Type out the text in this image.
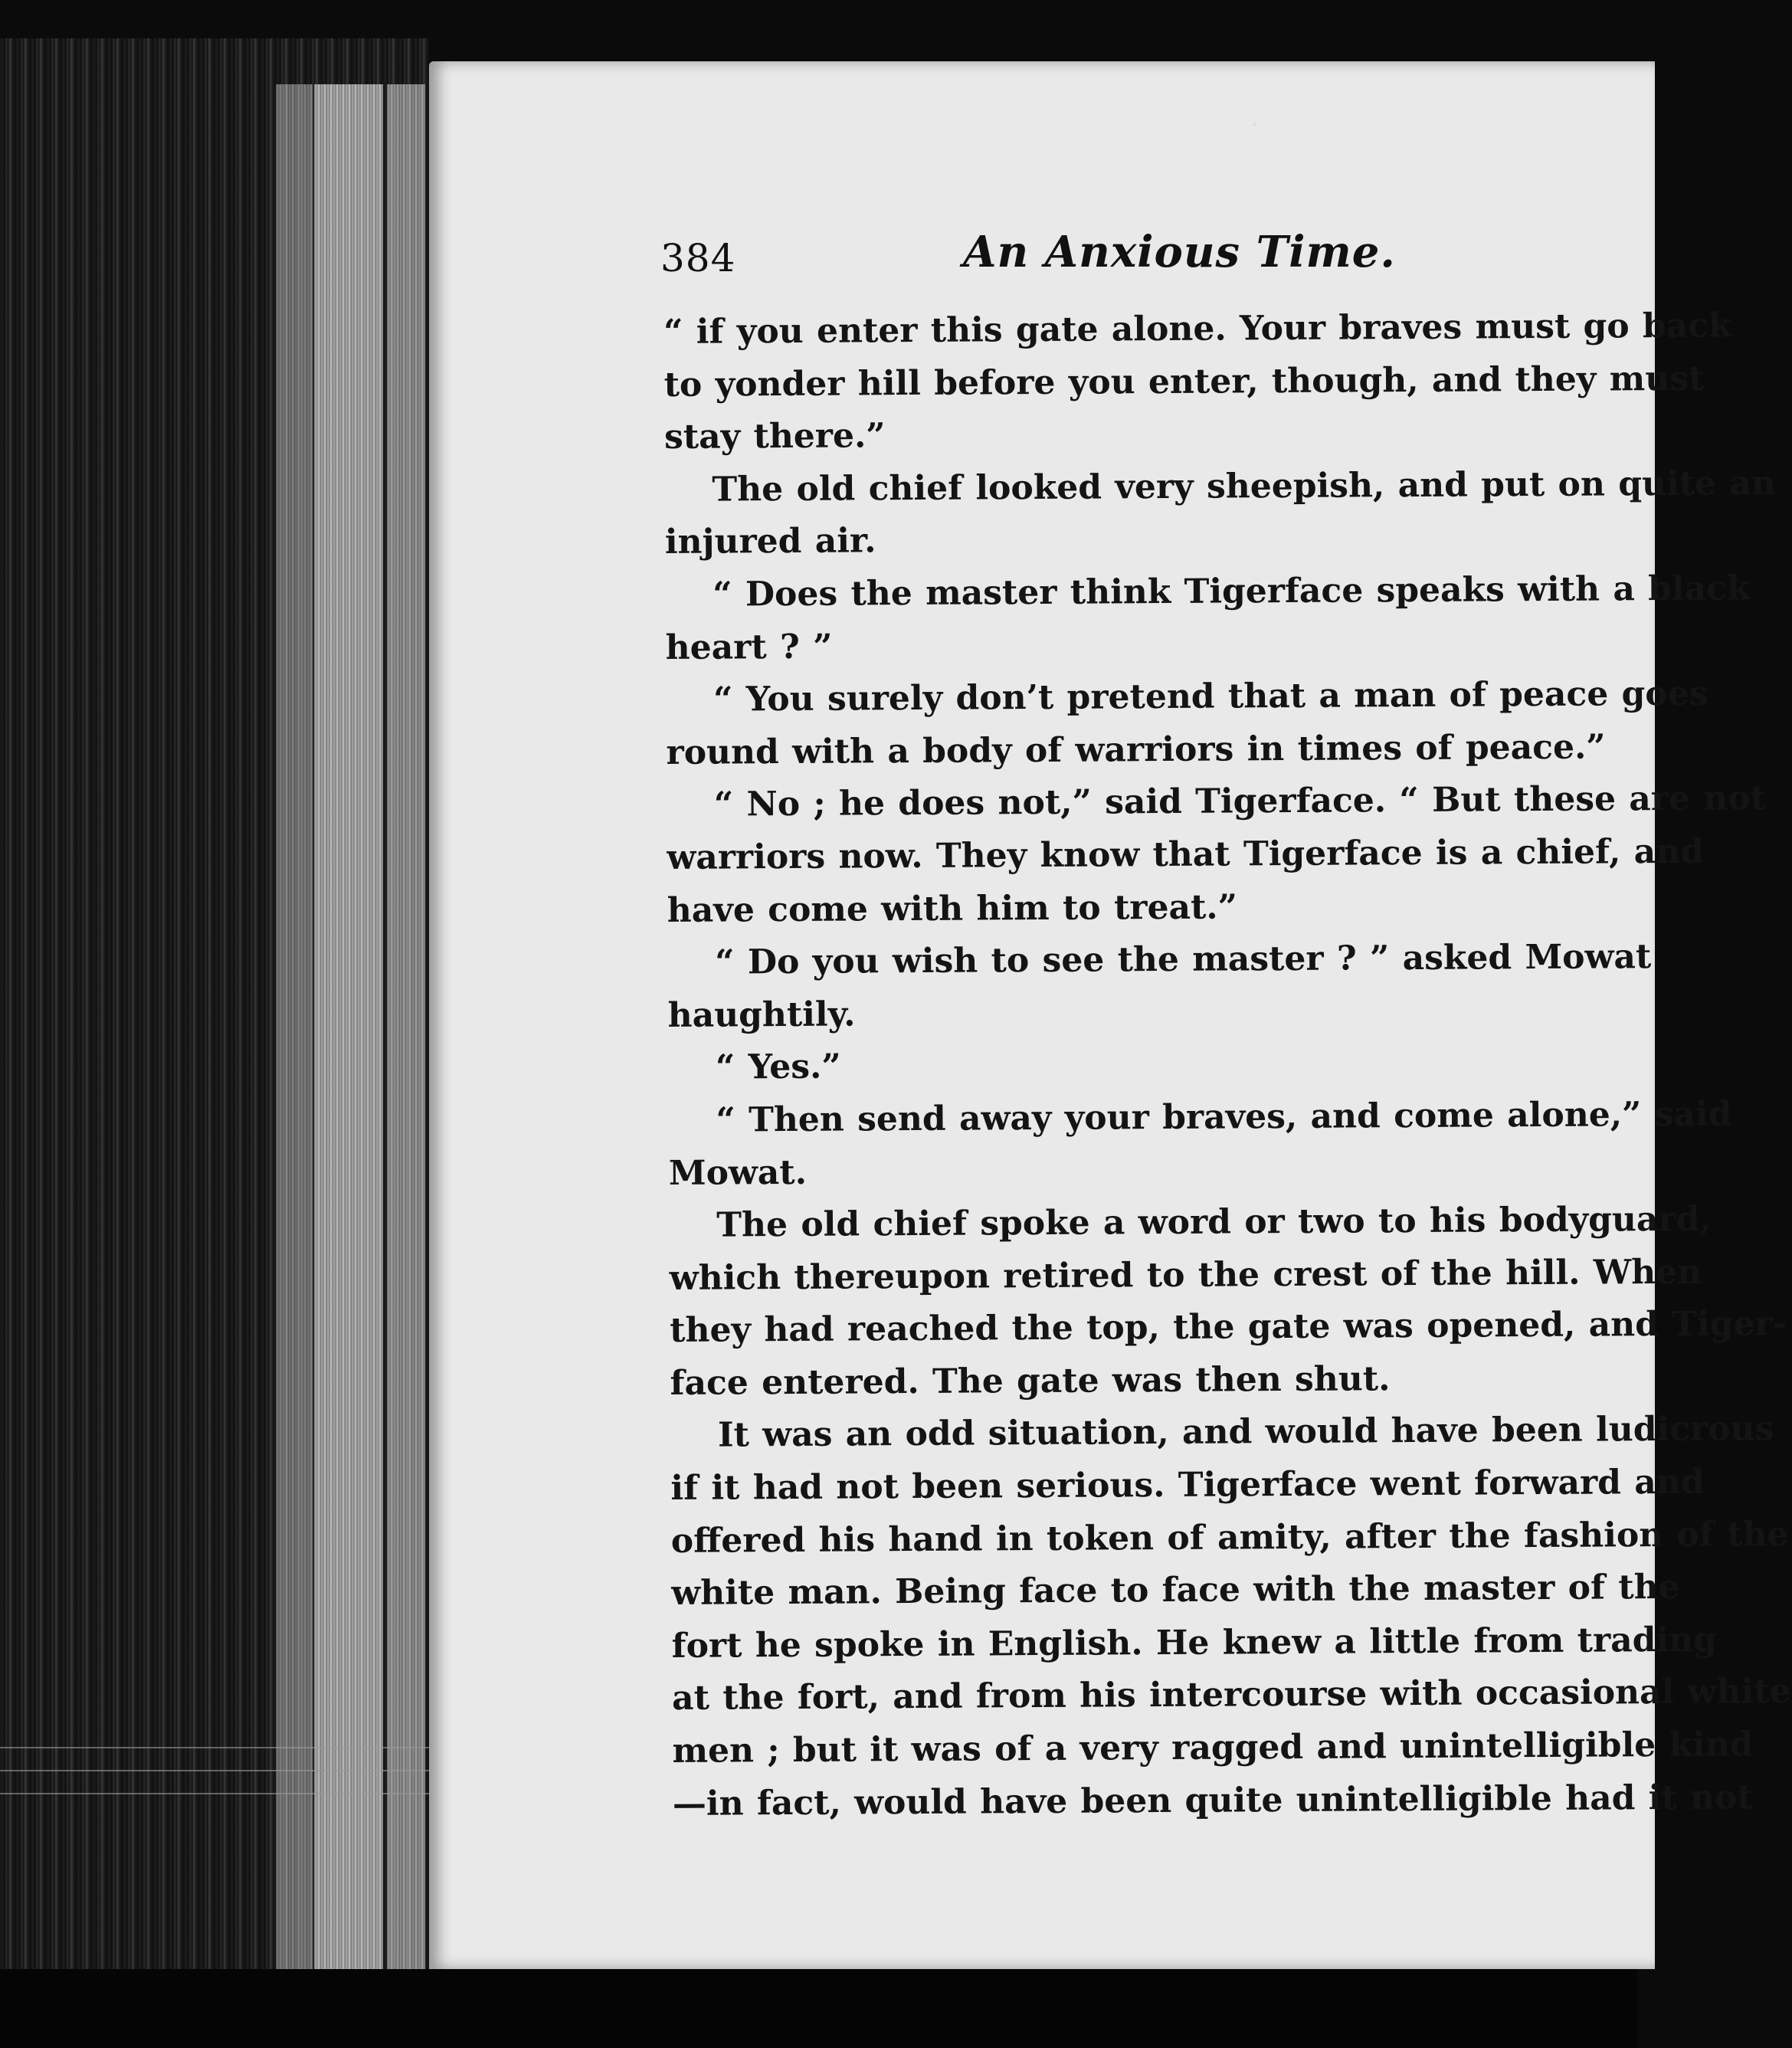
384	An Anxious Time.
“ if you enter this gate alone. Your braves must go back
to yonder hill before you enter, though, and they must
stay there.”
The old chief looked very sheepish, and put on quite an
injured air.
“ Does the master think Tigerface speaks with a black
heart ? ”
“ You surely don’t pretend that a man of peace goes
round with a body of warriors in times of peace.”
“ No ; he does not,” said Tigerface. “ But these are not
warriors now. They know that Tigerface is a chief, and
have come with him to treat.”
“ Do you wish to see the master ? ” asked Mowat
haughtily.
“ Yes.”
“ Then send away your braves, and come alone,” said
Mowat.
The old chief spoke a word or two to his bodyguard,
which thereupon retired to the crest of the hill. When
they had reached the top, the gate was opened, and Tiger-
face entered. The gate was then shut.
It was an odd situation, and would have been ludicrous
if it had not been serious. Tigerface went forward and
offered his hand in token of amity, after the fashion of the
white man. Being face to face with the master of the
fort he spoke in English. He knew a little from trading
at the fort, and from his intercourse with occasional white
men ; but it was of a very ragged and unintelligible kind
—in fact, would have been quite unintelligible had it not
